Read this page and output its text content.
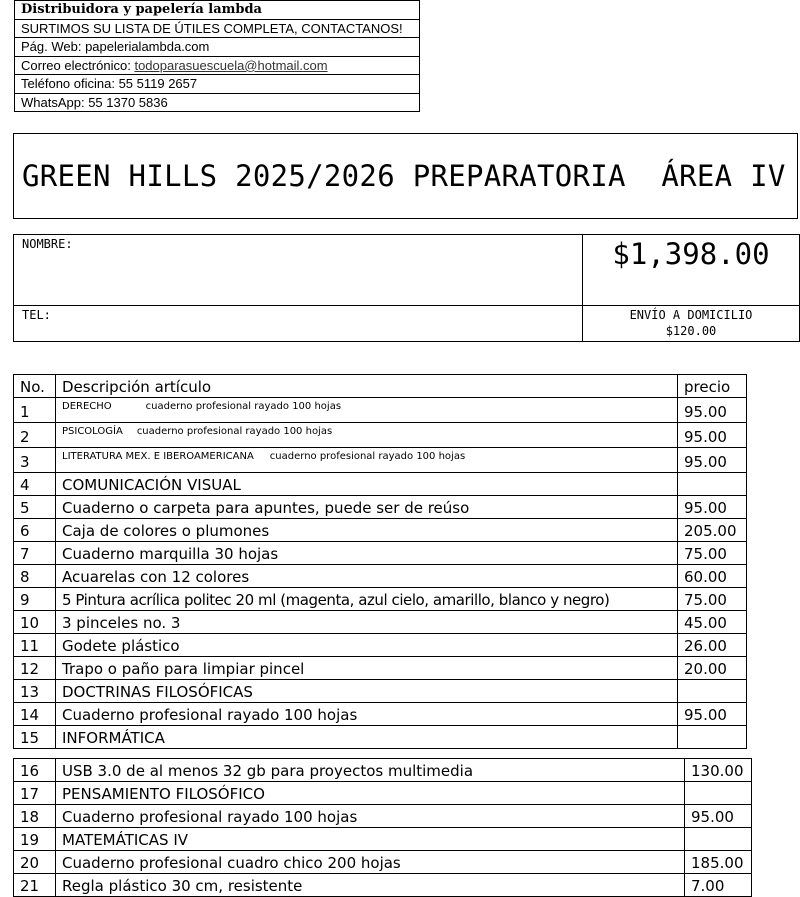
Distribuidora y papelería lambda
SURTIMOS SU LISTA DE ÚTILES COMPLETA, CONTACTANOS!
Pág. Web: papelerialambda.com
Correo electrónico: todoparasuescuela@hotmail.com
Teléfono oficina: 55 5119 2657
WhatsApp: 55 1370 5836
GREEN HILLS 2025/2026 PREPARATORIA  ÁREA IV
NOMBRE:	$1,398.00
TEL:	ENVÍO A DOMICILIO
$120.00
No.	Descripción artículo	precio
1	DERECHO cuaderno profesional rayado 100 hojas	95.00
2	PSICOLOGÍA cuaderno profesional rayado 100 hojas	95.00
3	LITERATURA MEX. E IBEROAMERICANA cuaderno profesional rayado 100 hojas	95.00
4	COMUNICACIÓN VISUAL	
5	Cuaderno o carpeta para apuntes, puede ser de reúso	95.00
6	Caja de colores o plumones	205.00
7	Cuaderno marquilla 30 hojas	75.00
8	Acuarelas con 12 colores	60.00
9	5 Pintura acrílica politec 20 ml (magenta, azul cielo, amarillo, blanco y negro)	75.00
10	3 pinceles no. 3	45.00
11	Godete plástico	26.00
12	Trapo o paño para limpiar pincel	20.00
13	DOCTRINAS FILOSÓFICAS	
14	Cuaderno profesional rayado 100 hojas	95.00
15	INFORMÁTICA	
16	USB 3.0 de al menos 32 gb para proyectos multimedia	130.00
17	PENSAMIENTO FILOSÓFICO	
18	Cuaderno profesional rayado 100 hojas	95.00
19	MATEMÁTICAS IV	
20	Cuaderno profesional cuadro chico 200 hojas	185.00
21	Regla plástico 30 cm, resistente	7.00
